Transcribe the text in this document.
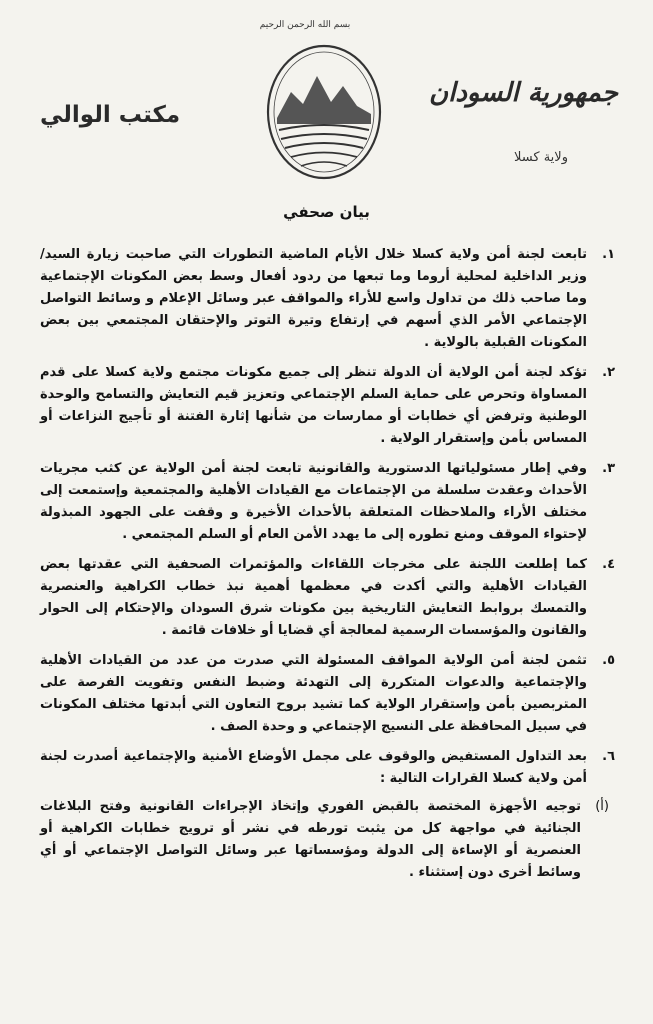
بسم الله الرحمن الرحيم
مكتب الوالي
جمهورية السودان
ولاية كسلا
بيان صحفي
١.
تابعت لجنة أمن ولاية كسلا خلال الأيام الماضية التطورات التي صاحبت زيارة السيد/ وزير الداخلية لمحلية أروما وما تبعها من ردود أفعال وسط بعض المكونات الإجتماعية وما صاحب ذلك من تداول واسع للأراء والمواقف عبر وسائل الإعلام و وسائط التواصل الإجتماعي الأمر الذي أسهم في إرتفاع وتيرة التوتر والإحتقان المجتمعي بين بعض المكونات القبلية بالولاية .
٢.
تؤكد لجنة أمن الولاية أن الدولة تنظر إلى جميع مكونات مجتمع ولاية كسلا على قدم المساواة وتحرص على حماية السلم الإجتماعي وتعزيز قيم التعايش والتسامح والوحدة الوطنية وترفض أي خطابات أو ممارسات من شأنها إثارة الفتنة أو تأجيج النزاعات أو المساس بأمن وإستقرار الولاية .
٣.
وفي إطار مسئولياتها الدستورية والقانونية تابعت لجنة أمن الولاية عن كثب مجريات الأحداث وعقدت سلسلة من الإجتماعات مع القيادات الأهلية والمجتمعية وإستمعت إلى مختلف الأراء والملاحظات المتعلقة بالأحداث الأخيرة و وقفت على الجهود المبذولة لإحتواء الموقف ومنع تطوره إلى ما يهدد الأمن العام أو السلم المجتمعي .
٤.
كما إطلعت اللجنة على مخرجات اللقاءات والمؤتمرات الصحفية التي عقدتها بعض القيادات الأهلية والتي أكدت في معظمها أهمية نبذ خطاب الكراهية والعنصرية والتمسك بروابط التعايش التاريخية بين مكونات شرق السودان والإحتكام إلى الحوار والقانون والمؤسسات الرسمية لمعالجة أي قضايا أو خلافات قائمة .
٥.
تثمن لجنة أمن الولاية المواقف المسئولة التي صدرت من عدد من القيادات الأهلية والإجتماعية والدعوات المتكررة إلى التهدئة وضبط النفس وتفويت الفرصة على المتربصين بأمن وإستقرار الولاية كما تشيد بروح التعاون التي أبدتها مختلف المكونات في سبيل المحافظة على النسيج الإجتماعي و وحدة الصف .
٦.
بعد التداول المستفيض والوقوف على مجمل الأوضاع الأمنية والإجتماعية أصدرت لجنة أمن ولاية كسلا القرارات التالية :
(أ)
توجيه الأجهزة المختصة بالقبض الفوري وإتخاذ الإجراءات القانونية وفتح البلاغات الجنائية في مواجهة كل من يثبت تورطه في نشر أو ترويج خطابات الكراهية أو العنصرية أو الإساءة إلى الدولة ومؤسساتها عبر وسائل التواصل الإجتماعي أو أي وسائط أخرى دون إستثناء .
